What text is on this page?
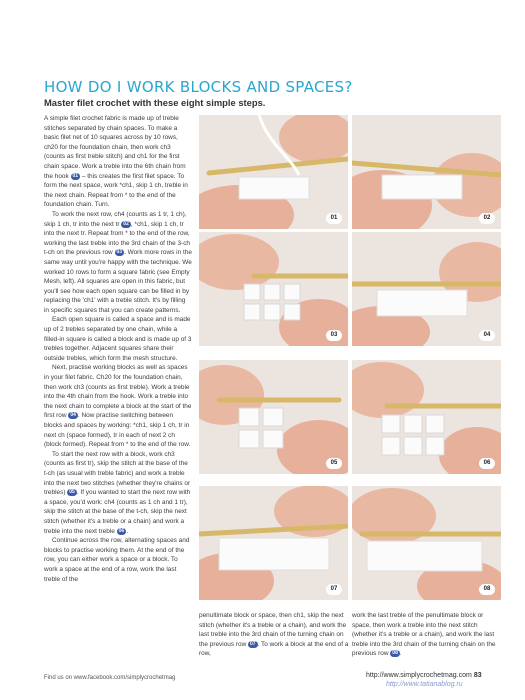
HOW DO I WORK BLOCKS AND SPACES?

Master filet crochet with these eight simple steps.

A simple filet crochet fabric is made up of treble stitches separated by chain spaces. To make a basic filet net of 10 squares across by 10 rows, ch20 for the foundation chain, then work ch3 (counts as first treble stitch) and ch1 for the first chain space. Work a treble into the 6th chain from the hook 01 – this creates the first filet space. To form the next space, work *ch1, skip 1 ch, treble in the next chain. Repeat from * to the end of the foundation chain. Turn.

To work the next row, ch4 (counts as 1 tr, 1 ch), skip 1 ch, tr into the next tr 02 , *ch1, skip 1 ch, tr into the next tr. Repeat from * to the end of the row, working the last treble into the 3rd chain of the 3-ch t-ch on the previous row 03 . Work more rows in the same way until you're happy with the technique. We worked 10 rows to form a square fabric (see Empty Mesh, left). All squares are open in this fabric, but you'll see how each open square can be filled in by replacing the 'ch1' with a treble stitch. It's by filling in specific squares that you can create patterns.

Each open square is called a space and is made up of 2 trebles separated by one chain, while a filled-in square is called a block and is made up of 3 trebles together. Adjacent squares share their outside trebles, which form the mesh structure.

Next, practise working blocks as well as spaces in your filet fabric. Ch20 for the foundation chain, then work ch3 (counts as first treble). Work a treble into the 4th chain from the hook. Work a treble into the next chain to complete a block at the start of the first row 04 . Now practise switching between blocks and spaces by working: *ch1, skip 1 ch, tr in next ch (space formed), tr in each of next 2 ch (block formed). Repeat from * to the end of the row.

To start the next row with a block, work ch3 (counts as first tr), skip the stitch at the base of the t-ch (as usual with treble fabric) and work a treble into the next two stitches (whether they're chains or trebles) 05 . If you wanted to start the next row with a space, you'd work: ch4 (counts as 1 ch and 1 tr), skip the stitch at the base of the t-ch, skip the next stitch (whether it's a treble or a chain) and work a treble into the next treble 06 .

Continue across the row, alternating spaces and blocks to practise working them. At the end of the row, you can either work a space or a block. To work a space at the end of a row, work the last treble of the

01	02
03	04
05	06
07	08

penultimate block or space, then ch1, skip the next stitch (whether it's a treble or a chain), and work the last treble into the 3rd chain of the turning chain on the previous row 07 . To work a block at the end of a row,

work the last treble of the penultimate block or space, then work a treble into the next stitch (whether it's a treble or a chain), and work the last treble into the 3rd chain of the turning chain on the previous row 08 .

Find us on www.facebook.com/simplycrochetmag	http://www.simplycrochetmag.com 83
http://www.tatianablog.ru
